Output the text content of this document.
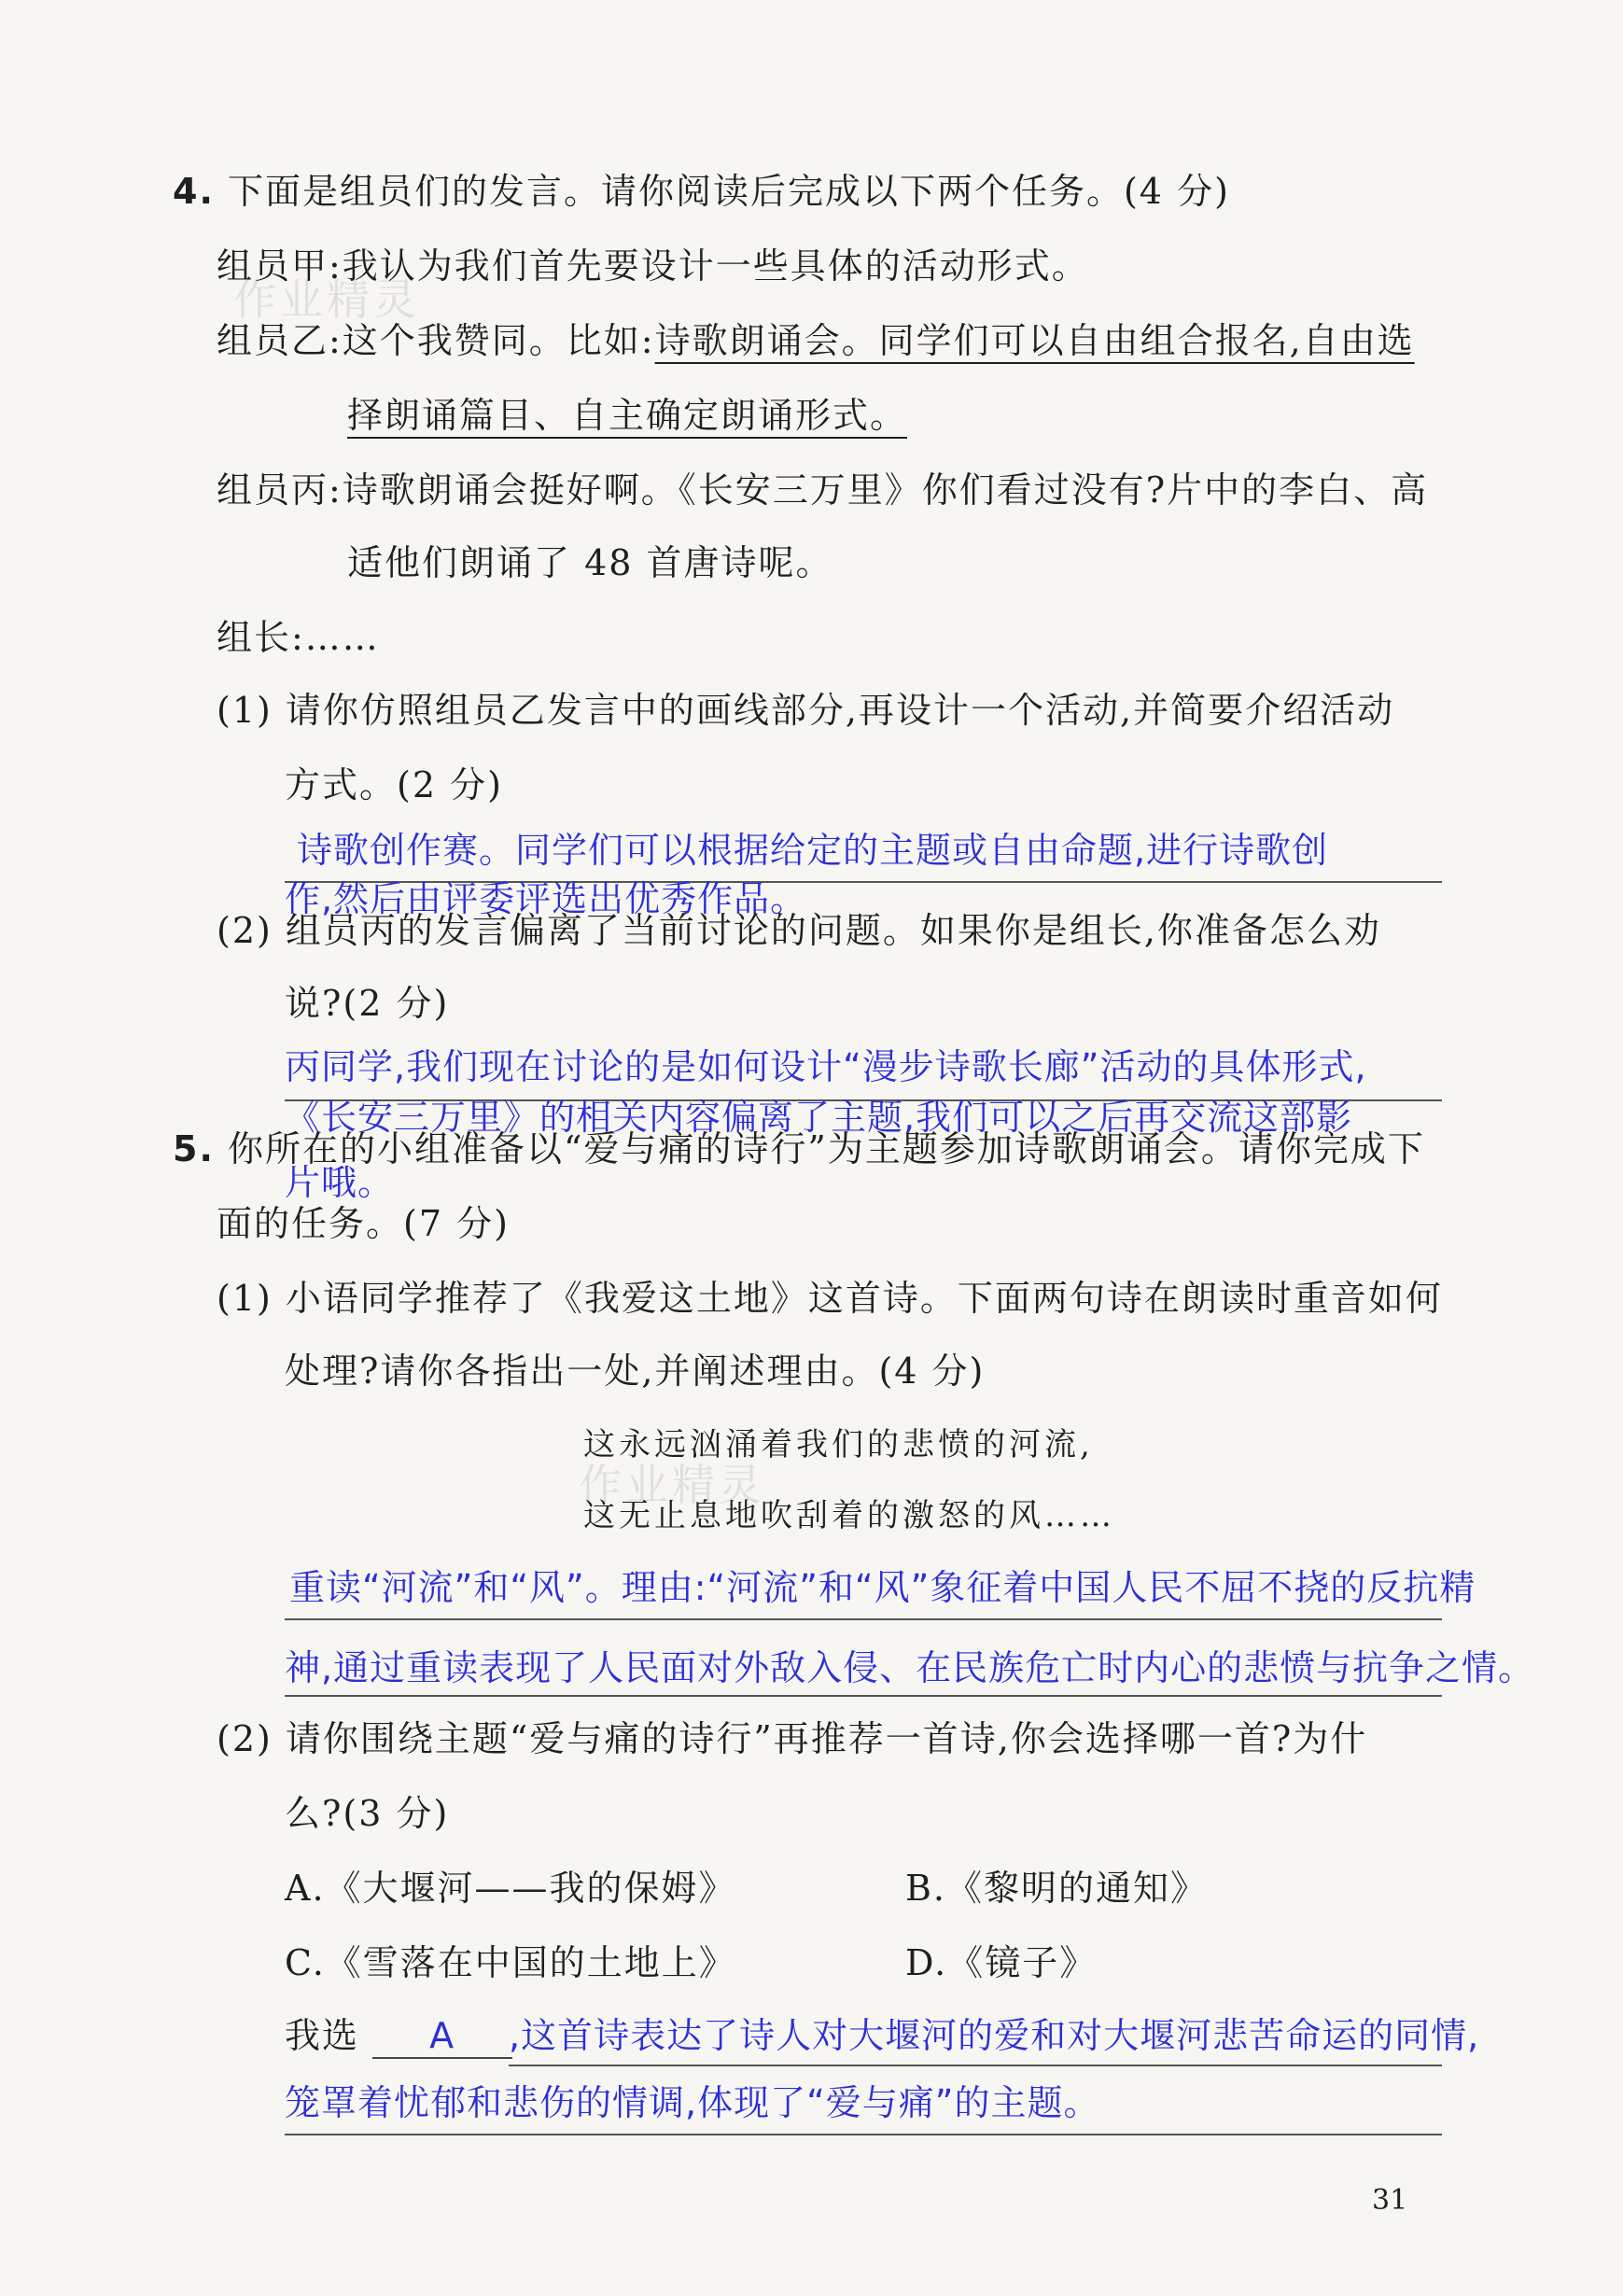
作业精灵
作业精灵
4. 下面是组员们的发言。请你阅读后完成以下两个任务。(4 分)
组员甲:我认为我们首先要设计一些具体的活动形式。
组员乙:这个我赞同。比如:诗歌朗诵会。同学们可以自由组合报名,自由选
择朗诵篇目、自主确定朗诵形式。
组员丙:诗歌朗诵会挺好啊。《长安三万里》你们看过没有?片中的李白、高
适他们朗诵了 48 首唐诗呢。
组长:……
(1) 请你仿照组员乙发言中的画线部分,再设计一个活动,并简要介绍活动
方式。(2 分)
诗歌创作赛。同学们可以根据给定的主题或自由命题,进行诗歌创
作,然后由评委评选出优秀作品。
(2) 组员丙的发言偏离了当前讨论的问题。如果你是组长,你准备怎么劝
说?(2 分)
丙同学,我们现在讨论的是如何设计“漫步诗歌长廊”活动的具体形式,
《长安三万里》的相关内容偏离了主题,我们可以之后再交流这部影
片哦。
5. 你所在的小组准备以“爱与痛的诗行”为主题参加诗歌朗诵会。请你完成下
面的任务。(7 分)
(1) 小语同学推荐了《我爱这土地》这首诗。下面两句诗在朗读时重音如何
处理?请你各指出一处,并阐述理由。(4 分)
这永远汹涌着我们的悲愤的河流,
这无止息地吹刮着的激怒的风……
重读“河流”和“风”。理由:“河流”和“风”象征着中国人民不屈不挠的反抗精
神,通过重读表现了人民面对外敌入侵、在民族危亡时内心的悲愤与抗争之情。
(2) 请你围绕主题“爱与痛的诗行”再推荐一首诗,你会选择哪一首?为什
么?(3 分)
A.《大堰河——我的保姆》	B.《黎明的通知》
C.《雪落在中国的土地上》	D.《镜子》
我选 A	,这首诗表达了诗人对大堰河的爱和对大堰河悲苦命运的同情,
笼罩着忧郁和悲伤的情调,体现了“爱与痛”的主题。
31
